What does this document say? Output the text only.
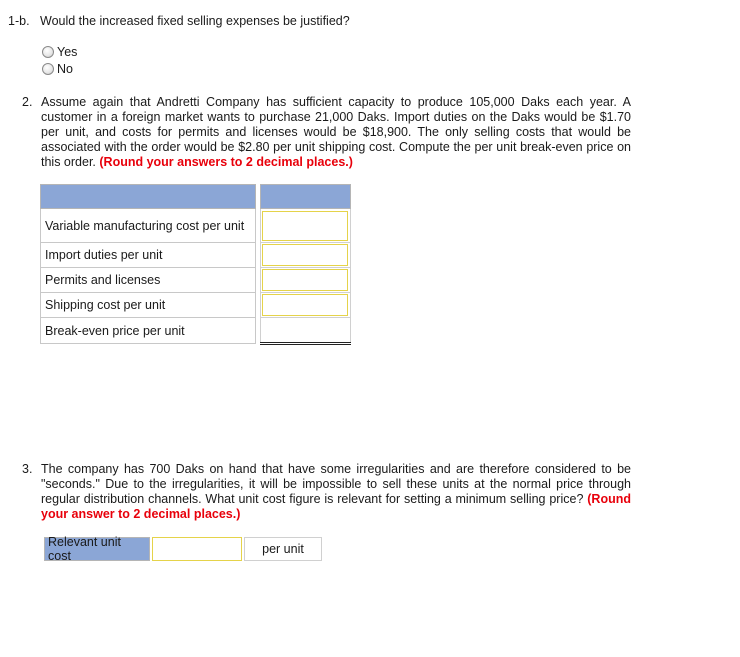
1-b. Would the increased fixed selling expenses be justified?
Yes
No
2. Assume again that Andretti Company has sufficient capacity to produce 105,000 Daks each year. A customer in a foreign market wants to purchase 21,000 Daks. Import duties on the Daks would be $1.70 per unit, and costs for permits and licenses would be $18,900. The only selling costs that would be associated with the order would be $2.80 per unit shipping cost. Compute the per unit break-even price on this order. (Round your answers to 2 decimal places.)

Variable manufacturing cost per unit		

Import duties per unit		

Permits and licenses		

Shipping cost per unit		

Break-even price per unit		
3. The company has 700 Daks on hand that have some irregularities and are therefore considered to be "seconds." Due to the irregularities, it will be impossible to sell these units at the normal price through regular distribution channels. What unit cost figure is relevant for setting a minimum selling price? (Round your answer to 2 decimal places.)
Relevant unit cost	per unit
